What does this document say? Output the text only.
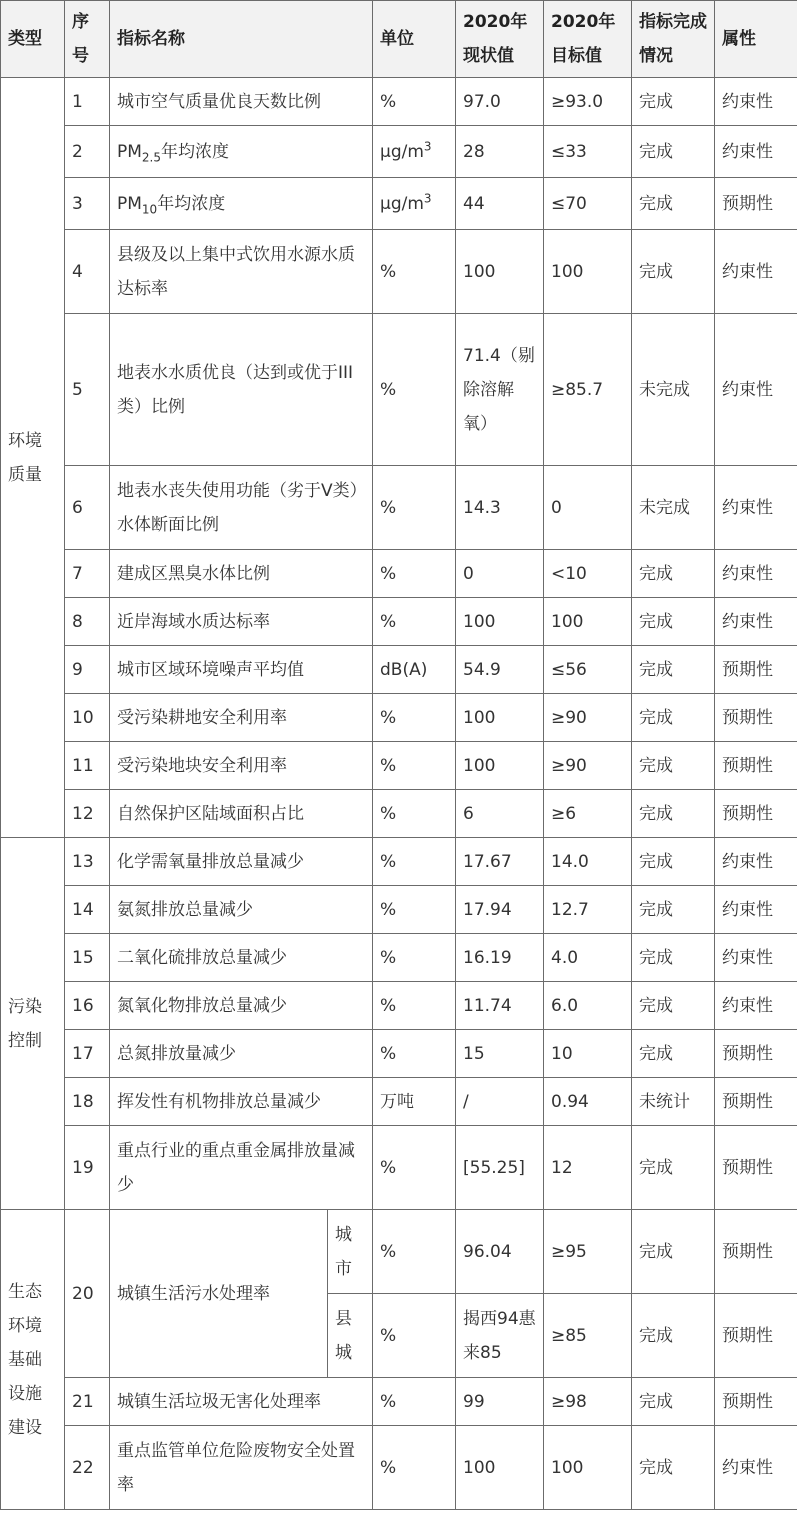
类型	序号	指标名称		单位	2020年现状值	2020年目标值	指标完成情况	属性
环境质量	1	城市空气质量优良天数比例		%	97.0	≥93.0	完成	约束性
	2	$PM_{2.5}$年均浓度		$\mu g/m^3$	28	≤33	完成	约束性
	3	$PM_{10}$年均浓度		$\mu g/m^3$	44	≤70	完成	预期性
	4	县级及以上集中式饮用水源水质达标率		%	100	100	完成	约束性
	5	地表水水质优良（达到或优于III类）比例		%	71.4（剔除溶解氧）	≥85.7	未完成	约束性
	6	地表水丧失使用功能（劣于V类）水体断面比例		%	14.3	0	未完成	约束性
	7	建成区黑臭水体比例		%	0	<10	完成	约束性
	8	近岸海域水质达标率		%	100	100	完成	约束性
	9	城市区域环境噪声平均值		dB(A)	54.9	≤56	完成	预期性
	10	受污染耕地安全利用率		%	100	≥90	完成	预期性
	11	受污染地块安全利用率		%	100	≥90	完成	预期性
	12	自然保护区陆域面积占比		%	6	≥6	完成	预期性
污染控制	13	化学需氧量排放总量减少		%	17.67	14.0	完成	约束性
	14	氨氮排放总量减少		%	17.94	12.7	完成	约束性
	15	二氧化硫排放总量减少		%	16.19	4.0	完成	约束性
	16	氮氧化物排放总量减少		%	11.74	6.0	完成	约束性
	17	总氮排放量减少		%	15	10	完成	预期性
	18	挥发性有机物排放总量减少		万吨	/	0.94	未统计	预期性
	19	重点行业的重点重金属排放量减少		%	[55.25]	12	完成	预期性
生态环境基础设施建设	20	城镇生活污水处理率	城市	%	96.04	≥95	完成	预期性
			县城	%	揭西94惠来85	≥85	完成	预期性
	21	城镇生活垃圾无害化处理率		%	99	≥98	完成	预期性
	22	重点监管单位危险废物安全处置率		%	100	100	完成	约束性
